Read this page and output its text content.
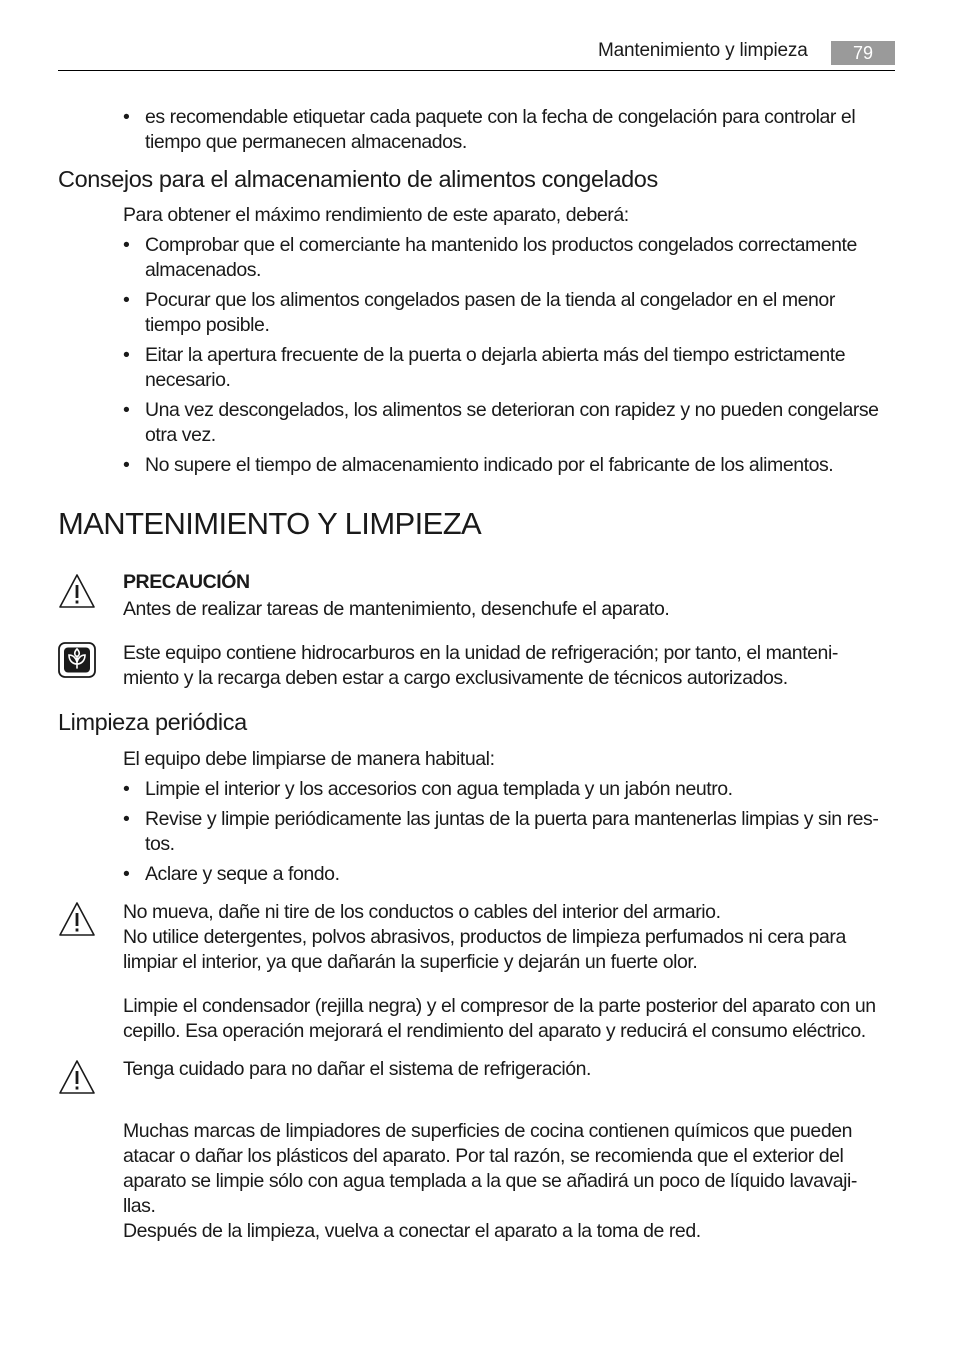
Mantenimiento y limpieza	79
• es recomendable etiquetar cada paquete con la fecha de congelación para controlar el
tiempo que permanecen almacenados.
Consejos para el almacenamiento de alimentos congelados
Para obtener el máximo rendimiento de este aparato, deberá:
• Comprobar que el comerciante ha mantenido los productos congelados correctamente
almacenados.
• Pocurar que los alimentos congelados pasen de la tienda al congelador en el menor
tiempo posible.
• Eitar la apertura frecuente de la puerta o dejarla abierta más del tiempo estrictamente
necesario.
• Una vez descongelados, los alimentos se deterioran con rapidez y no pueden congelarse
otra vez.
• No supere el tiempo de almacenamiento indicado por el fabricante de los alimentos.
MANTENIMIENTO Y LIMPIEZA
PRECAUCIÓN
Antes de realizar tareas de mantenimiento, desenchufe el aparato.
Este equipo contiene hidrocarburos en la unidad de refrigeración; por tanto, el manteni-
miento y la recarga deben estar a cargo exclusivamente de técnicos autorizados.
Limpieza periódica
El equipo debe limpiarse de manera habitual:
• Limpie el interior y los accesorios con agua templada y un jabón neutro.
• Revise y limpie periódicamente las juntas de la puerta para mantenerlas limpias y sin res-
tos.
• Aclare y seque a fondo.
No mueva, dañe ni tire de los conductos o cables del interior del armario.
No utilice detergentes, polvos abrasivos, productos de limpieza perfumados ni cera para
limpiar el interior, ya que dañarán la superficie y dejarán un fuerte olor.
Limpie el condensador (rejilla negra) y el compresor de la parte posterior del aparato con un
cepillo. Esa operación mejorará el rendimiento del aparato y reducirá el consumo eléctrico.
Tenga cuidado para no dañar el sistema de refrigeración.
Muchas marcas de limpiadores de superficies de cocina contienen químicos que pueden
atacar o dañar los plásticos del aparato. Por tal razón, se recomienda que el exterior del
aparato se limpie sólo con agua templada a la que se añadirá un poco de líquido lavavaji-
llas.
Después de la limpieza, vuelva a conectar el aparato a la toma de red.
